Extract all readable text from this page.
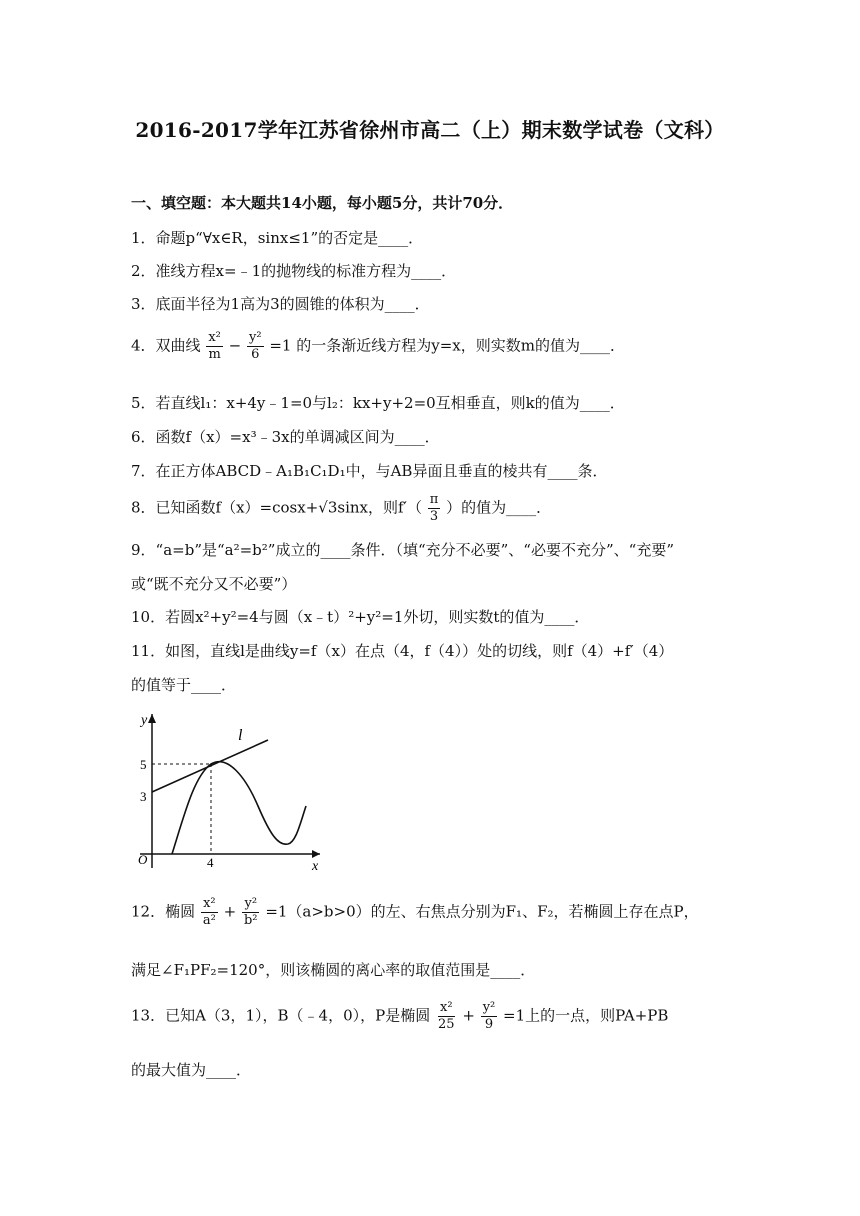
2016-2017学年江苏省徐州市高二（上）期末数学试卷（文科）
一、填空题：本大题共14小题，每小题5分，共计70分．
1．命题p“∀x∈R，sinx≤1”的否定是____．
2．准线方程x=﹣1的抛物线的标准方程为____．
3．底面半径为1高为3的圆锥的体积为____．
4．双曲线 $\frac{\text{x²}}{m} - \frac{\text{y²}}{6} =1$ 的一条渐近线方程为y=x，则实数m的值为____．
5．若直线l₁：x+4y﹣1=0与l₂：kx+y+2=0互相垂直，则k的值为____．
6．函数f（x）=x³﹣3x的单调减区间为____．
7．在正方体ABCD﹣A₁B₁C₁D₁中，与AB异面且垂直的棱共有____条．
8．已知函数f（x）=cosx+√3sinx，则$f'( \frac{\pi}{3}$ ）的值为____．
9．“a=b”是“a²=b²”成立的____条件．（填“充分不必要”、“必要不充分”、“充要”
或“既不充分又不必要”）
10．若圆x²+y²=4与圆（x﹣t）²+y²=1外切，则实数t的值为____．
11．如图，直线l是曲线y=f（x）在点（4，f（4））处的切线，则f（4）+f′（4）
的值等于____．
y
x
l
O
5
3
4
12．椭圆 $\frac{\text{x²}}{\text{a²}} + \frac{\text{y²}}{\text{b²}} =1(a>b>0)$的左、右焦点分别为F₁、F₂，若椭圆上存在点P，
满足∠F₁PF₂=120°，则该椭圆的离心率的取值范围是____．
13．已知A（3，1），B（﹣4，0），P是椭圆 $\frac{\text{x²}}{25} + \frac{\text{y²}}{9} =1$上的一点，则PA+PB
的最大值为____．
